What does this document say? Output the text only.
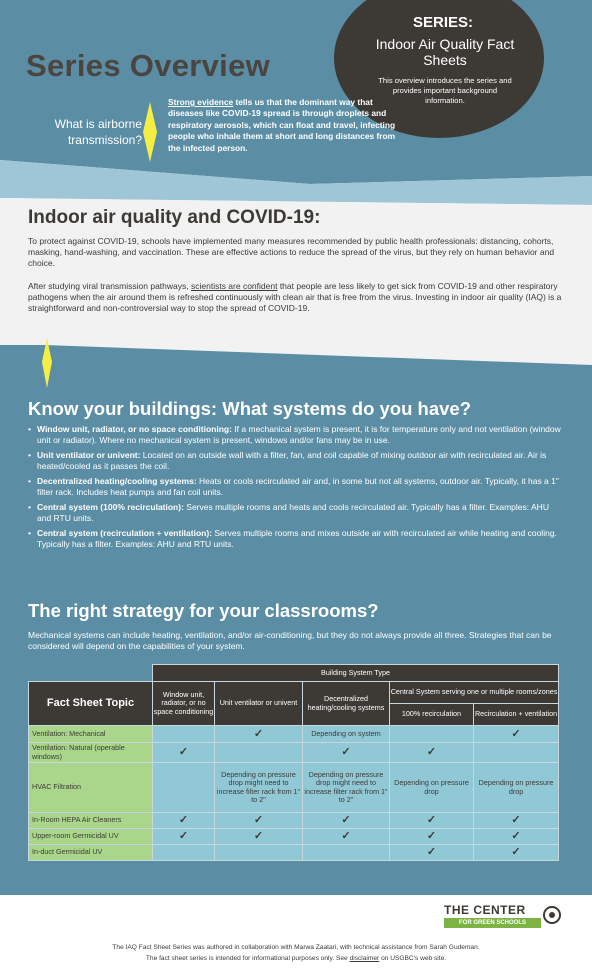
Series Overview
SERIES:
Indoor Air Quality Fact Sheets
This overview introduces the series and provides important background information.
What is airborne transmission?
Strong evidence tells us that the dominant way that diseases like COVID-19 spread is through droplets and respiratory aerosols, which can float and travel, infecting people who inhale them at short and long distances from the infected person.
Indoor air quality and COVID-19:

To protect against COVID-19, schools have implemented many measures recommended by public health professionals: distancing, cohorts, masking, hand-washing, and vaccination. These are effective actions to reduce the spread of the virus, but they rely on human behavior and choice.

After studying viral transmission pathways, scientists are confident that people are less likely to get sick from COVID-19 and other respiratory pathogens when the air around them is refreshed continuously with clean air that is free from the virus. Investing in indoor air quality (IAQ) is a straightforward and non-controversial way to stop the spread of COVID-19.

Know your buildings: What systems do you have?
• Window unit, radiator, or no space conditioning: If a mechanical system is present, it is for temperature only and not ventilation (window unit or radiator). Where no mechanical system is present, windows and/or fans may be in use.
• Unit ventilator or univent: Located on an outside wall with a filter, fan, and coil capable of mixing outdoor air with recirculated air. Air is heated/cooled as it passes the coil.
• Decentralized heating/cooling systems: Heats or cools recirculated air and, in some but not all systems, outdoor air. Typically, it has a 1" filter rack. Includes heat pumps and fan coil units.
• Central system (100% recirculation): Serves multiple rooms and heats and cools recirculated air. Typically has a filter. Examples: AHU and RTU units.
• Central system (recirculation + ventilation): Serves multiple rooms and mixes outside air with recirculated air while heating and cooling. Typically has a filter. Examples: AHU and RTU units.
The right strategy for your classrooms?

Mechanical systems can include heating, ventilation, and/or air-conditioning, but they do not always provide all three. Strategies that can be considered will depend on the capabilities of your system.

	Building System Type				
Fact Sheet Topic	Window unit, radiator, or no space conditioning	Unit ventilator or univent	Decentralized heating/cooling systems	Central System serving one or multiple rooms/zones	
				100% recirculation	Recirculation + ventilation
Ventilation: Mechanical		✓	Depending on system		✓
Ventilation: Natural (operable windows)	✓		✓	✓	
HVAC Filtration		Depending on pressure drop might need to increase filter rack from 1" to 2"	Depending on pressure drop might need to increase filter rack from 1" to 2"	Depending on pressure drop	Depending on pressure drop
In-Room HEPA Air Cleaners	✓	✓	✓	✓	✓
Upper-room Germicidal UV	✓	✓	✓	✓	✓
In-duct Germicidal UV				✓	✓
THE CENTER
FOR GREEN SCHOOLS
The IAQ Fact Sheet Series was authored in collaboration with Marwa Zaatari, with technical assistance from Sarah Gudeman.
The fact sheet series is intended for informational purposes only. See disclaimer on USGBC's web site.
